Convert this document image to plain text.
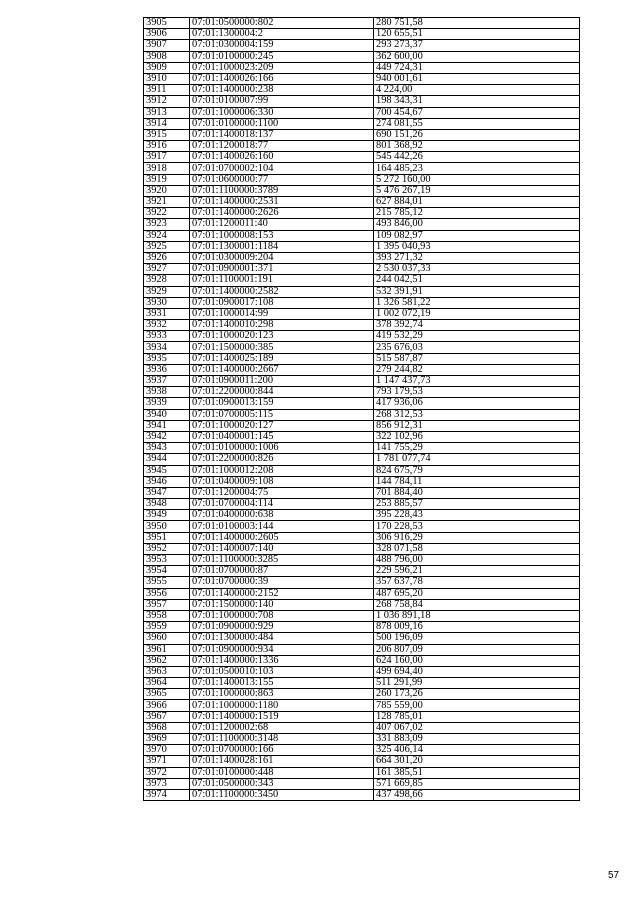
3905	07:01:0500000:802	280 751,58
3906	07:01:1300004:2	120 655,51
3907	07:01:0300004:159	293 273,37
3908	07:01:0100000:245	362 600,00
3909	07:01:1000023:209	449 724,31
3910	07:01:1400026:166	940 001,61
3911	07:01:1400000:238	4 224,00
3912	07:01:0100007:99	198 343,31
3913	07:01:1000006:330	700 454,67
3914	07:01:0100000:1100	274 081,55
3915	07:01:1400018:137	690 151,26
3916	07:01:1200018:77	801 368,92
3917	07:01:1400026:160	545 442,26
3918	07:01:0700002:104	164 485,23
3919	07:01:0600000:77	5 272 160,00
3920	07:01:1100000:3789	5 476 267,19
3921	07:01:1400000:2531	627 884,01
3922	07:01:1400000:2626	215 785,12
3923	07:01:1200011:40	493 846,00
3924	07:01:1000008:153	109 082,97
3925	07:01:1300001:1184	1 395 040,93
3926	07:01:0300009:204	393 271,32
3927	07:01:0900001:371	2 530 037,33
3928	07:01:1100001:191	244 042,51
3929	07:01:1400000:2582	532 391,91
3930	07:01:0900017:108	1 326 581,22
3931	07:01:1000014:99	1 002 072,19
3932	07:01:1400010:298	378 392,74
3933	07:01:1000020:123	419 532,29
3934	07:01:1500000:385	235 676,03
3935	07:01:1400025:189	515 587,87
3936	07:01:1400000:2667	279 244,82
3937	07:01:0900011:200	1 147 437,73
3938	07:01:2200000:844	793 179,53
3939	07:01:0900013:159	417 936,06
3940	07:01:0700005:115	268 312,53
3941	07:01:1000020:127	856 912,31
3942	07:01:0400001:145	322 102,96
3943	07:01:0100000:1006	141 755,29
3944	07:01:2200000:826	1 781 077,74
3945	07:01:1000012:208	824 675,79
3946	07:01:0400009:108	144 784,11
3947	07:01:1200004:75	701 884,40
3948	07:01:0700004:114	253 885,57
3949	07:01:0400000:638	395 228,43
3950	07:01:0100003:144	170 228,53
3951	07:01:1400000:2605	306 916,29
3952	07:01:1400007:140	328 071,58
3953	07:01:1100000:3285	488 796,00
3954	07:01:0700000:87	229 596,21
3955	07:01:0700000:39	357 637,78
3956	07:01:1400000:2152	487 695,20
3957	07:01:1500000:140	268 758,84
3958	07:01:1000000:708	1 036 891,18
3959	07:01:0900000:929	878 009,16
3960	07:01:1300000:484	500 196,09
3961	07:01:0900000:934	206 807,09
3962	07:01:1400000:1336	624 160,00
3963	07:01:0500010:103	499 694,40
3964	07:01:1400013:155	511 291,99
3965	07:01:1000000:863	260 173,26
3966	07:01:1000000:1180	785 559,00
3967	07:01:1400000:1519	128 785,01
3968	07:01:1200002:68	407 067,02
3969	07:01:1100000:3148	331 883,09
3970	07:01:0700000:166	325 406,14
3971	07:01:1400028:161	664 301,20
3972	07:01:0100000:448	161 385,51
3973	07:01:0500000:343	571 669,85
3974	07:01:1100000:3450	437 498,66
57
